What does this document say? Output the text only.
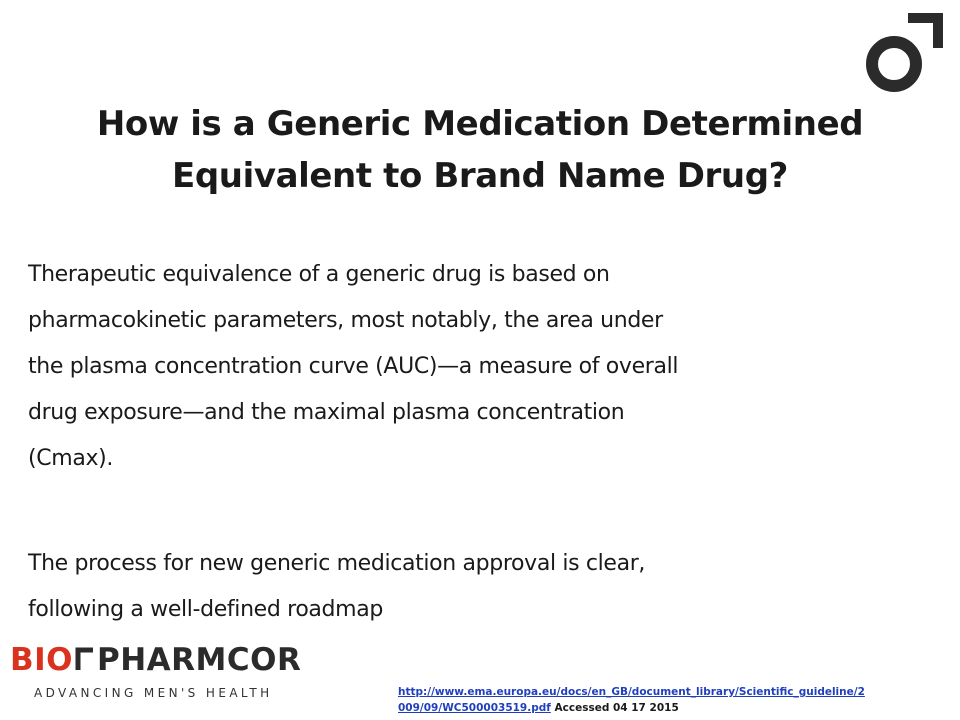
How is a Generic Medication Determined
Equivalent to Brand Name Drug?

Therapeutic equivalence of a generic drug is based on
pharmacokinetic parameters, most notably, the area under
the plasma concentration curve (AUC)—a measure of overall
drug exposure—and the maximal plasma concentration
(Cmax).

The process for new generic medication approval is clear,
following a well-defined roadmap

BIO PHARMCOR
ADVANCING MEN'S HEALTH	http://www.ema.europa.eu/docs/en_GB/document_library/Scientific_guideline/2
009/09/WC500003519.pdf Accessed 04 17 2015
